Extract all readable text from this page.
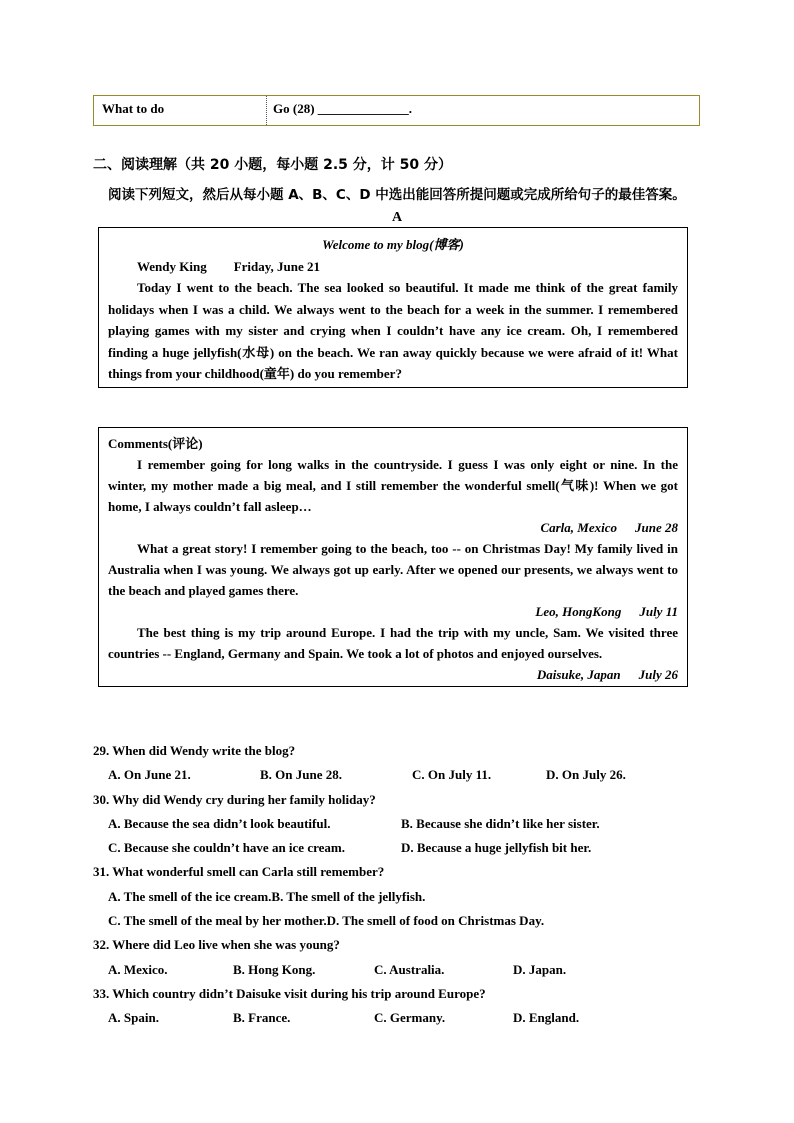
What to do	Go (28) ______________.
二、阅读理解（共 20 小题，每小题 2.5 分，计 50 分）
阅读下列短文，然后从每小题 A、B、C、D 中选出能回答所提问题或完成所给句子的最佳答案。
A
Welcome to my blog(博客)
Wendy King Friday, June 21

Today I went to the beach. The sea looked so beautiful. It made me think of the great family holidays when I was a child. We always went to the beach for a week in the summer. I remembered playing games with my sister and crying when I couldn’t have any ice cream. Oh, I remembered finding a huge jellyfish(水母) on the beach. We ran away quickly because we were afraid of it! What things from your childhood(童年) do you remember?

Comments(评论)

I remember going for long walks in the countryside. I guess I was only eight or nine. In the winter, my mother made a big meal, and I still remember the wonderful smell(气味)! When we got home, I always couldn’t fall asleep…

Carla, Mexico June 28

What a great story! I remember going to the beach, too -- on Christmas Day! My family lived in Australia when I was young. We always got up early. After we opened our presents, we always went to the beach and played games there.

Leo, HongKong July 11

The best thing is my trip around Europe. I had the trip with my uncle, Sam. We visited three countries -- England, Germany and Spain. We took a lot of photos and enjoyed ourselves.

Daisuke, Japan July 26

29. When did Wendy write the blog?
A. On June 21.	B. On June 28.	C. On July 11.	D. On July 26.
30. Why did Wendy cry during her family holiday?
A. Because the sea didn’t look beautiful.	B. Because she didn’t like her sister.
C. Because she couldn’t have an ice cream.	D. Because a huge jellyfish bit her.
31. What wonderful smell can Carla still remember?
A. The smell of the ice cream.B. The smell of the jellyfish.
C. The smell of the meal by her mother.D. The smell of food on Christmas Day.
32. Where did Leo live when she was young?
A. Mexico.	B. Hong Kong.	C. Australia.	D. Japan.
33. Which country didn’t Daisuke visit during his trip around Europe?
A. Spain.	B. France.	C. Germany.	D. England.
